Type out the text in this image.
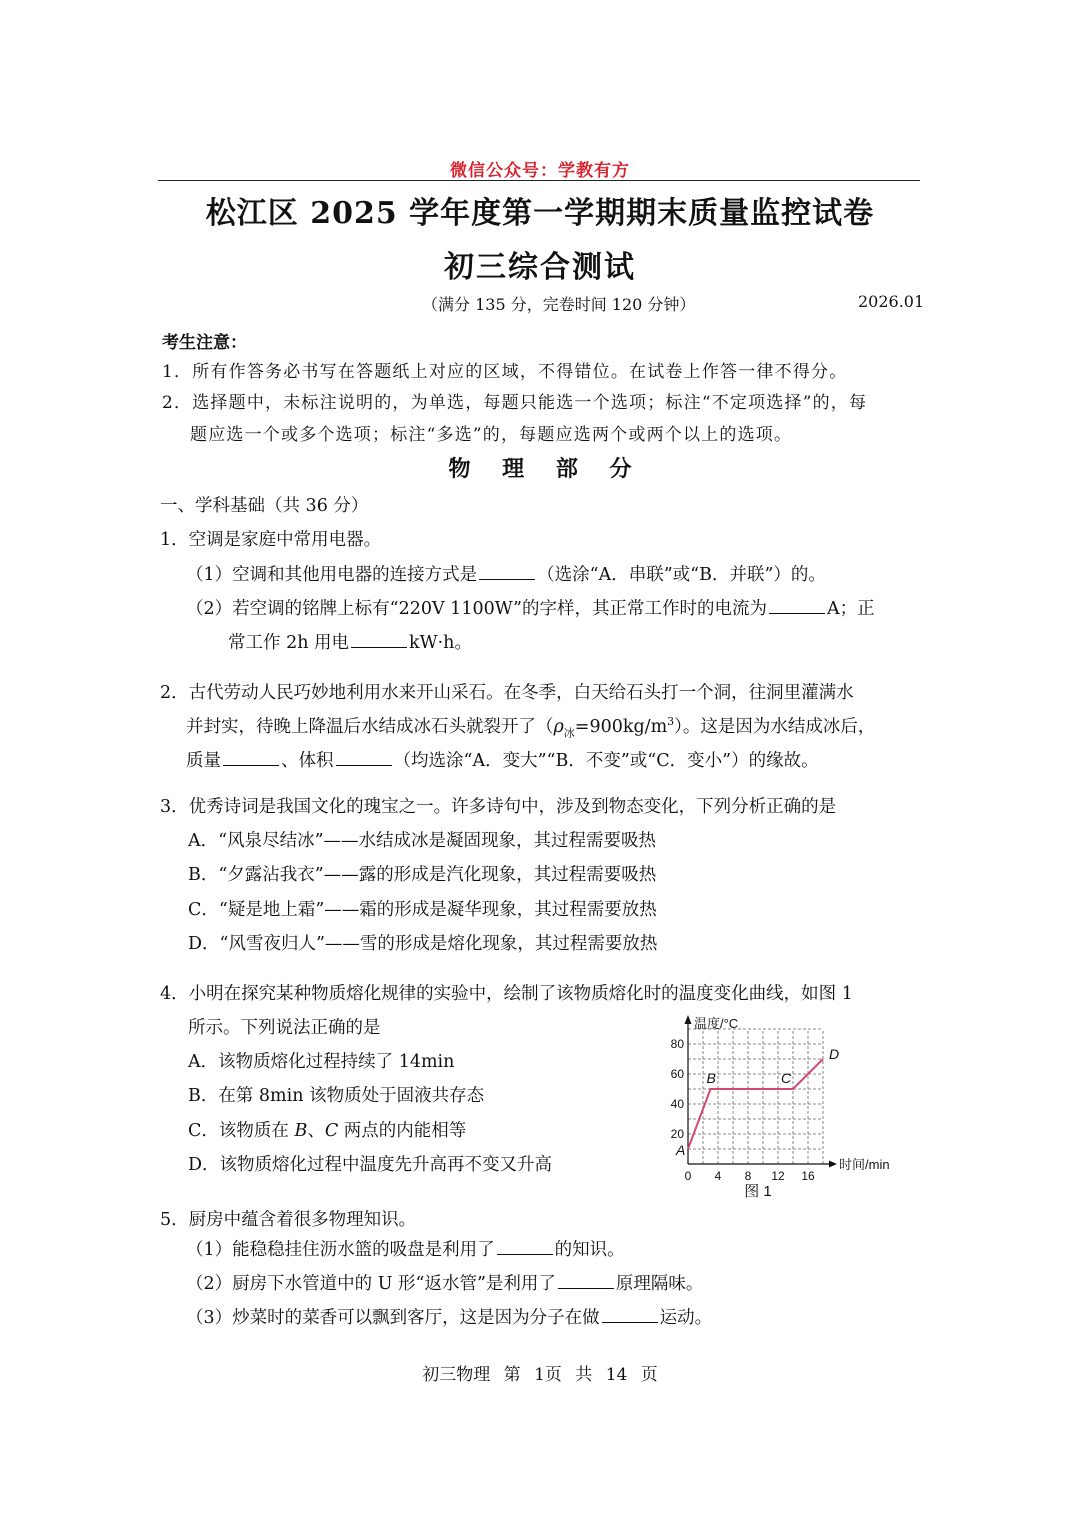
微信公众号：学教有方
松江区 2025 学年度第一学期期末质量监控试卷
初三综合测试
（满分 135 分，完卷时间 120 分钟）	2026.01
考生注意：
1．所有作答务必书写在答题纸上对应的区域，不得错位。在试卷上作答一律不得分。
2．选择题中，未标注说明的，为单选，每题只能选一个选项；标注“不定项选择”的，每
题应选一个或多个选项；标注“多选”的，每题应选两个或两个以上的选项。
物 理 部 分
一、学科基础（共 36 分）
1．空调是家庭中常用电器。
（1）空调和其他用电器的连接方式是	（选涂“A．串联”或“B．并联”）的。
（2）若空调的铭牌上标有“220V 1100W”的字样，其正常工作时的电流为	A；正
常工作 2h 用电	kW·h。
2．古代劳动人民巧妙地利用水来开山采石。在冬季，白天给石头打一个洞，往洞里灌满水
并封实，待晚上降温后水结成冰石头就裂开了$(\rho_冰=900kg/m^3)$。这是因为水结成冰后，
质量	、体积	（均选涂“A．变大”“B．不变”或“C．变小”）的缘故。
3．优秀诗词是我国文化的瑰宝之一。许多诗句中，涉及到物态变化，下列分析正确的是
A．“风泉尽结冰”——水结成冰是凝固现象，其过程需要吸热
B．“夕露沾我衣”——露的形成是汽化现象，其过程需要吸热
C．“疑是地上霜”——霜的形成是凝华现象，其过程需要放热
D．“风雪夜归人”——雪的形成是熔化现象，其过程需要放热
4．小明在探究某种物质熔化规律的实验中，绘制了该物质熔化时的温度变化曲线，如图 1
所示。下列说法正确的是
A．该物质熔化过程持续了 14min
B．在第 8min 该物质处于固液共存态
C．该物质在 B、C 两点的内能相等
D．该物质熔化过程中温度先升高再不变又升高
温度/°C
时间/min
20
40
60
80
0 4 8 12 16
A
B	C
D
图 1
5．厨房中蕴含着很多物理知识。
（1）能稳稳挂住沥水篮的吸盘是利用了	的知识。
（2）厨房下水管道中的 U 形“返水管”是利用了	原理隔味。
（3）炒菜时的菜香可以飘到客厅，这是因为分子在做	运动。
初三物理 第 1页 共 14 页
